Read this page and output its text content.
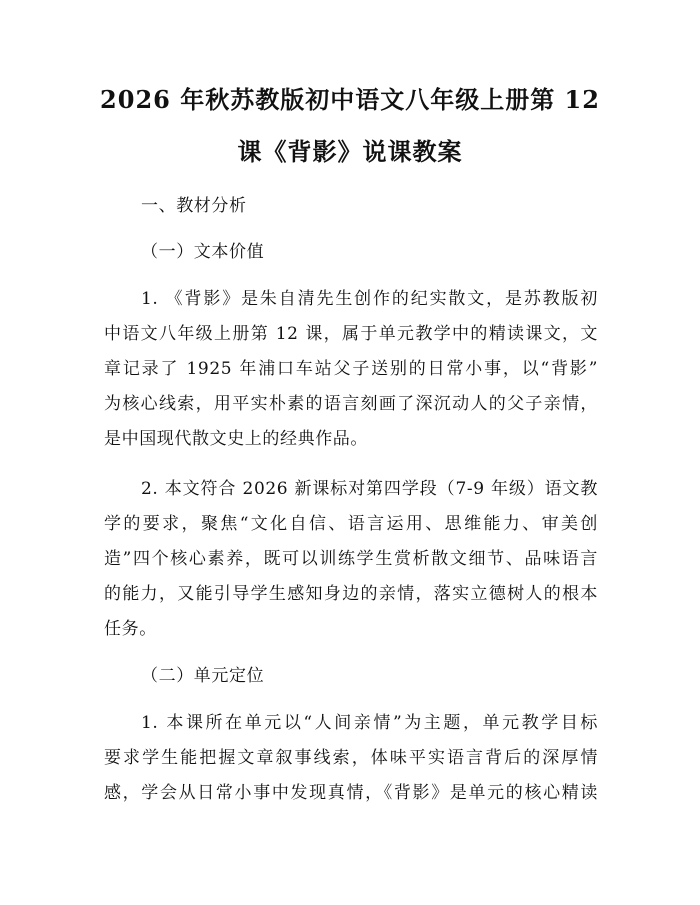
2026 年秋苏教版初中语文八年级上册第 12
课《背影》说课教案
一、教材分析
（一）文本价值
1. 《背影》是朱自清先生创作的纪实散文，是苏教版初
中语文八年级上册第 12 课，属于单元教学中的精读课文，文
章记录了 1925 年浦口车站父子送别的日常小事，以“背影”
为核心线索，用平实朴素的语言刻画了深沉动人的父子亲情，
是中国现代散文史上的经典作品。
2. 本文符合 2026 新课标对第四学段（7-9 年级）语文教
学的要求，聚焦“文化自信、语言运用、思维能力、审美创
造”四个核心素养，既可以训练学生赏析散文细节、品味语言
的能力，又能引导学生感知身边的亲情，落实立德树人的根本
任务。
（二）单元定位
1. 本课所在单元以“人间亲情”为主题，单元教学目标
要求学生能把握文章叙事线索，体味平实语言背后的深厚情
感，学会从日常小事中发现真情，《背影》是单元的核心精读
